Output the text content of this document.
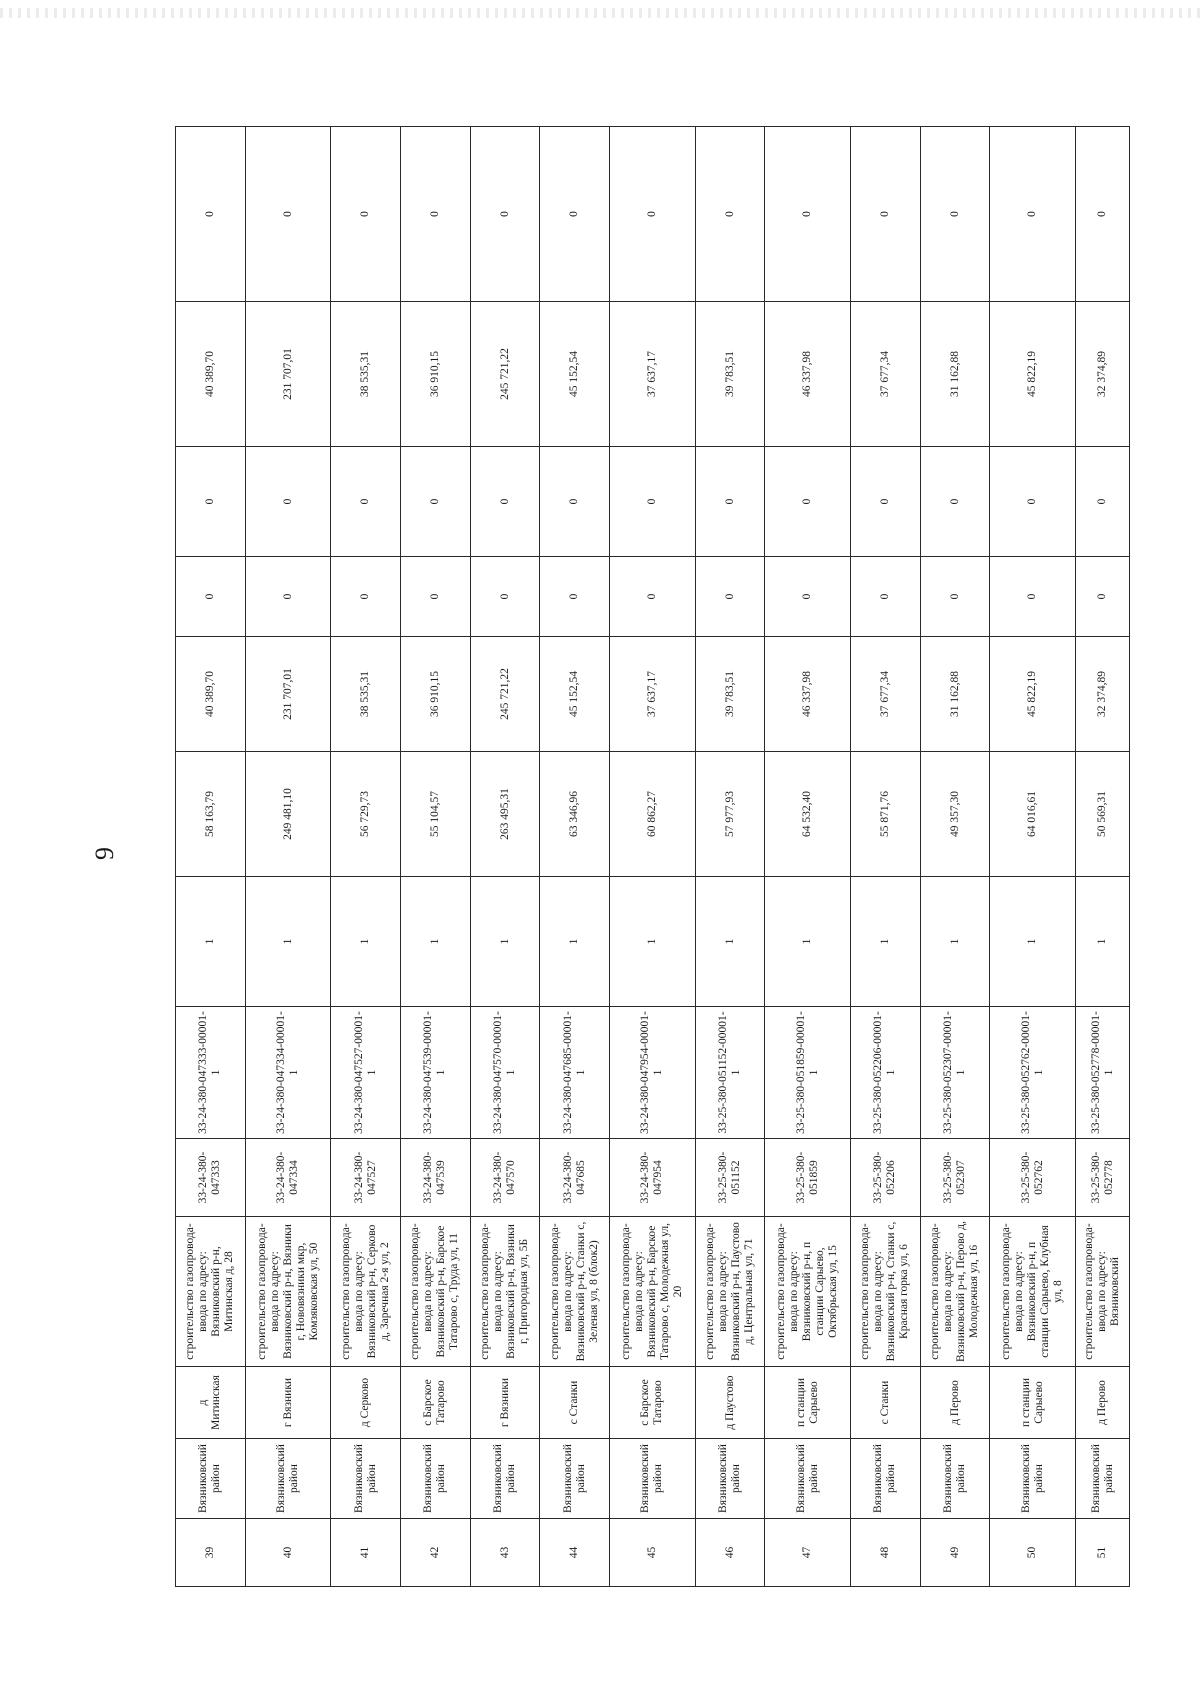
9
39	Вязниковский район	д Митинская	строительство газопровода-ввода по адресу: Вязниковский р-н, Митинская д, 28	33-24-380-047333	33-24-380-047333-00001-1	1	58 163,79	40 389,70	0	0	40 389,70	0
40	Вязниковский район	г Вязники	строительство газопровода-ввода по адресу: Вязниковский р-н, Вязники г, Нововязники мкр, Комзяковская ул, 50	33-24-380-047334	33-24-380-047334-00001-1	1	249 481,10	231 707,01	0	0	231 707,01	0
41	Вязниковский район	д Серково	строительство газопровода-ввода по адресу: Вязниковский р-н, Серково д, Заречная 2-я ул, 2	33-24-380-047527	33-24-380-047527-00001-1	1	56 729,73	38 535,31	0	0	38 535,31	0
42	Вязниковский район	с Барское Татарово	строительство газопровода-ввода по адресу: Вязниковский р-н, Барское Татарово с, Труда ул, 11	33-24-380-047539	33-24-380-047539-00001-1	1	55 104,57	36 910,15	0	0	36 910,15	0
43	Вязниковский район	г Вязники	строительство газопровода-ввода по адресу: Вязниковский р-н, Вязники г, Пригородная ул, 5Б	33-24-380-047570	33-24-380-047570-00001-1	1	263 495,31	245 721,22	0	0	245 721,22	0
44	Вязниковский район	с Станки	строительство газопровода-ввода по адресу: Вязниковский р-н, Станки с, Зеленая ул, 8 (блок2)	33-24-380-047685	33-24-380-047685-00001-1	1	63 346,96	45 152,54	0	0	45 152,54	0
45	Вязниковский район	с Барское Татарово	строительство газопровода-ввода по адресу: Вязниковский р-н, Барское Татарово с, Молодежная ул, 20	33-24-380-047954	33-24-380-047954-00001-1	1	60 862,27	37 637,17	0	0	37 637,17	0
46	Вязниковский район	д Паустово	строительство газопровода-ввода по адресу: Вязниковский р-н, Паустово д, Центральная ул, 71	33-25-380-051152	33-25-380-051152-00001-1	1	57 977,93	39 783,51	0	0	39 783,51	0
47	Вязниковский район	п станции Сарыево	строительство газопровода-ввода по адресу: Вязниковский р-н, п станции Сарыево, Октябрьская ул, 15	33-25-380-051859	33-25-380-051859-00001-1	1	64 532,40	46 337,98	0	0	46 337,98	0
48	Вязниковский район	с Станки	строительство газопровода-ввода по адресу: Вязниковский р-н, Станки с, Красная горка ул, 6	33-25-380-052206	33-25-380-052206-00001-1	1	55 871,76	37 677,34	0	0	37 677,34	0
49	Вязниковский район	д Перово	строительство газопровода-ввода по адресу: Вязниковский р-н, Перово д, Молодежная ул, 16	33-25-380-052307	33-25-380-052307-00001-1	1	49 357,30	31 162,88	0	0	31 162,88	0
50	Вязниковский район	п станции Сарыево	строительство газопровода-ввода по адресу: Вязниковский р-н, п станции Сарыево, Клубная ул, 8	33-25-380-052762	33-25-380-052762-00001-1	1	64 016,61	45 822,19	0	0	45 822,19	0
51	Вязниковский район	д Перово	строительство газопровода-ввода по адресу: Вязниковский	33-25-380-052778	33-25-380-052778-00001-1	1	50 569,31	32 374,89	0	0	32 374,89	0
